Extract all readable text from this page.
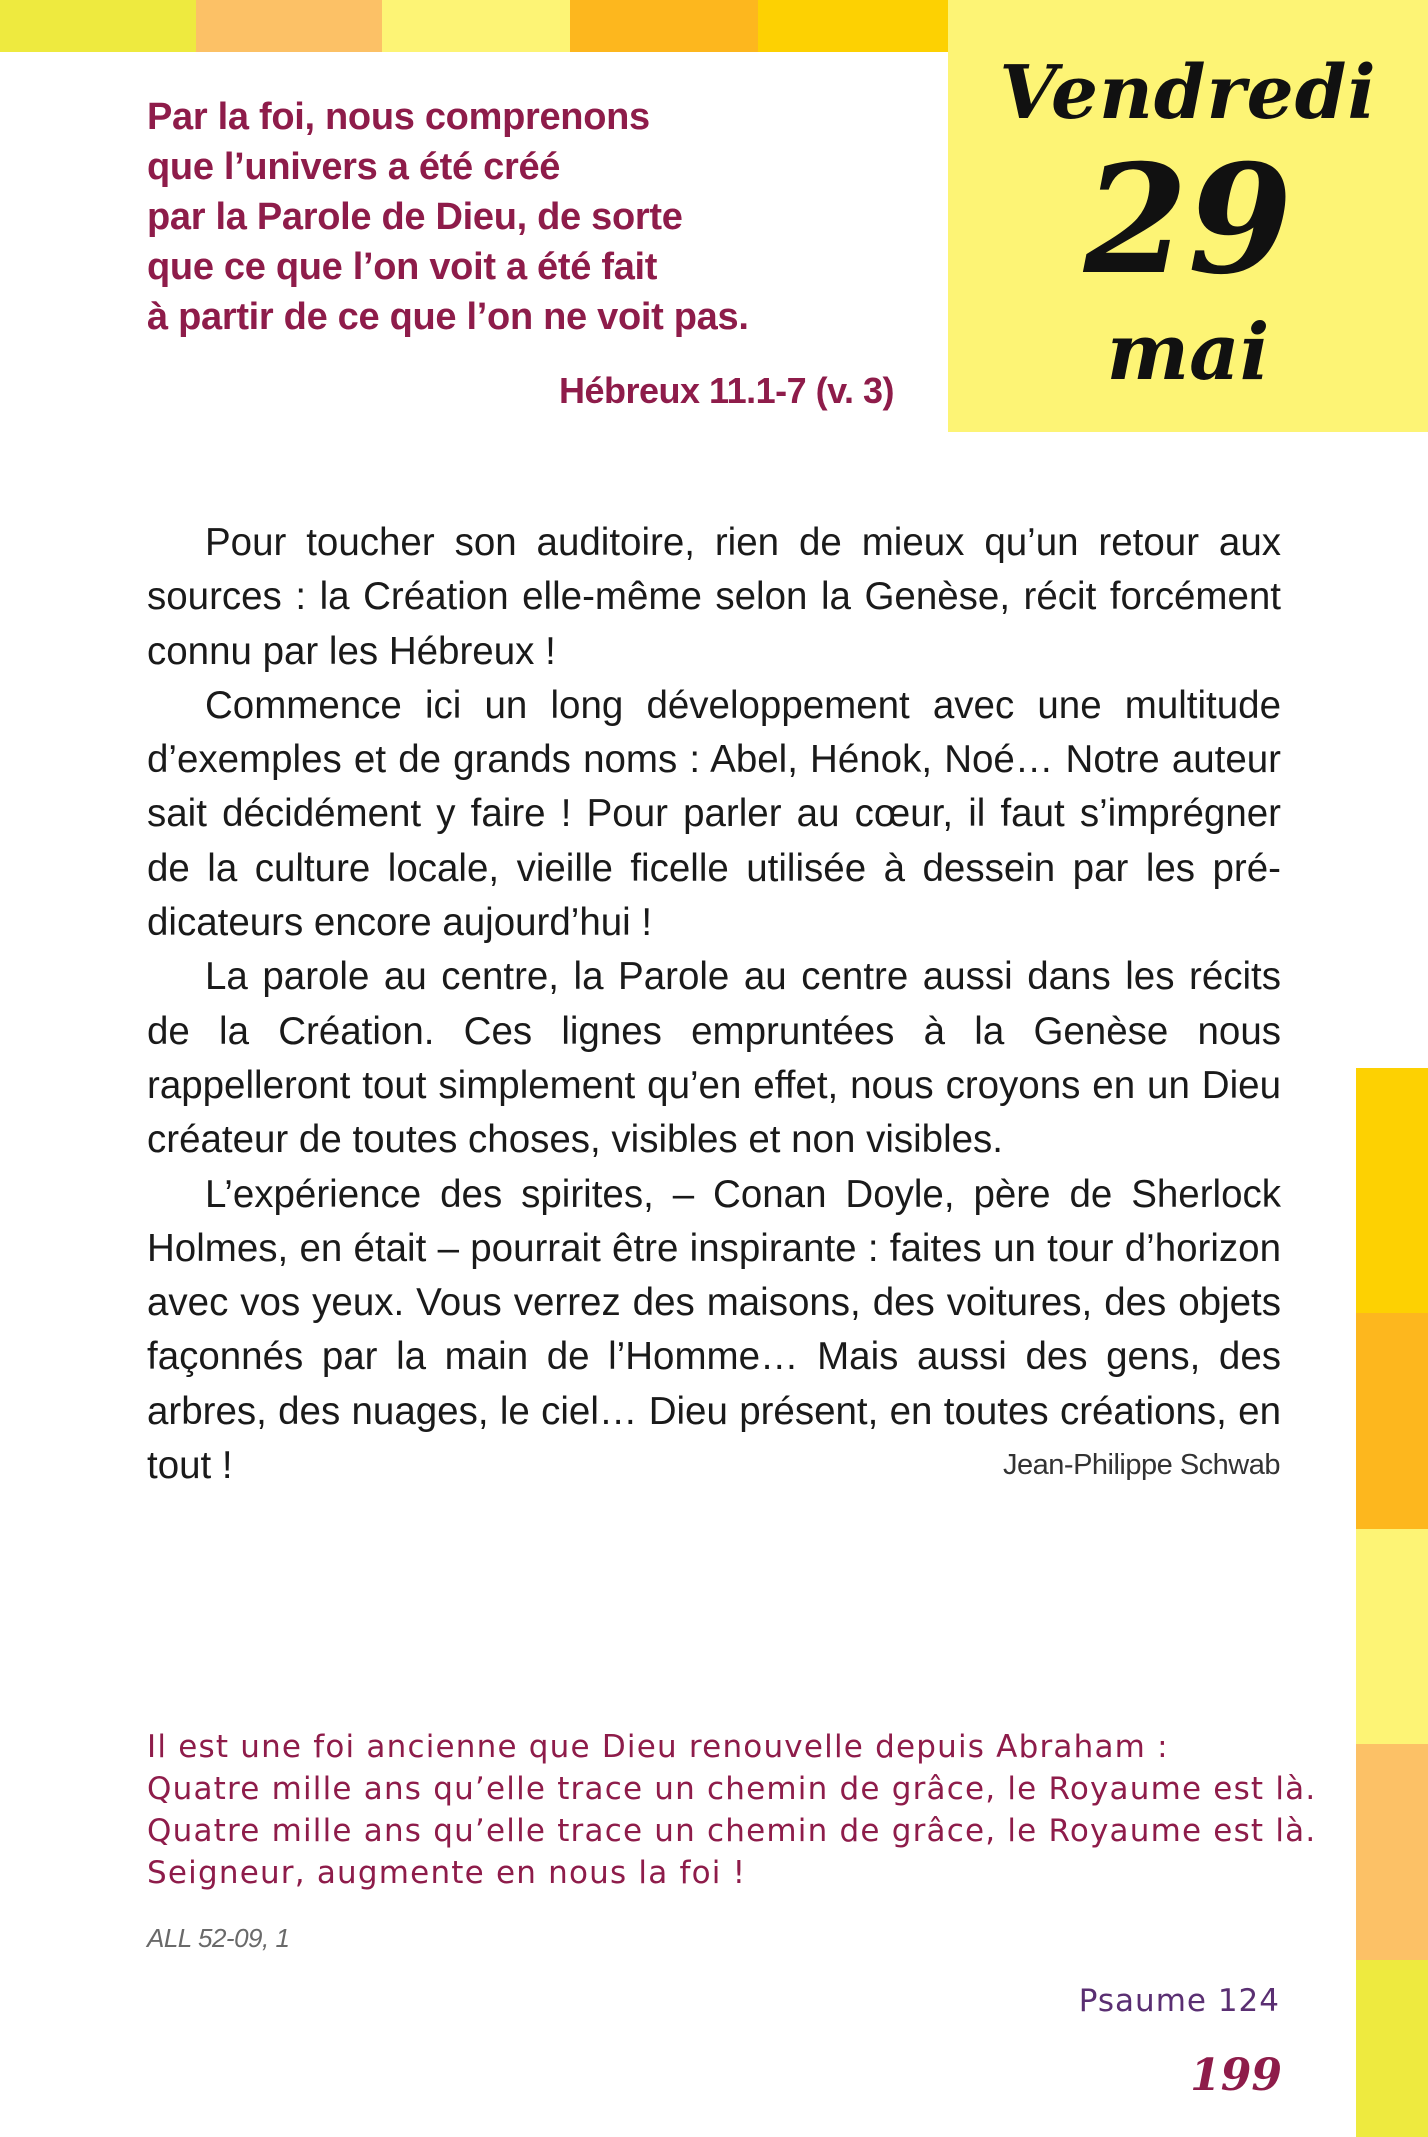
Vendredi
29
mai
Par la foi, nous comprenons
que l’univers a été créé
par la Parole de Dieu, de sorte
que ce que l’on voit a été fait
à partir de ce que l’on ne voit pas.
Hébreux 11.1-7 (v. 3)

Pour toucher son auditoire, rien de mieux qu’un retour aux sources : la Création elle-même selon la Genèse, récit forcément connu par les Hébreux !

Commence ici un long développement avec une multitude d’exemples et de grands noms : Abel, Hénok, Noé… Notre auteur sait décidément y faire ! Pour parler au cœur, il faut s’imprégner de la culture locale, vieille ficelle utilisée à dessein par les prédicateurs encore aujourd’hui !

La parole au centre, la Parole au centre aussi dans les récits de la Création. Ces lignes empruntées à la Genèse nous rappelleront tout simplement qu’en effet, nous croyons en un Dieu créateur de toutes choses, visibles et non visibles.

L’expérience des spirites, – Conan Doyle, père de Sherlock Holmes, en était – pourrait être inspirante : faites un tour d’horizon avec vos yeux. Vous verrez des maisons, des voitures, des objets façonnés par la main de l’Homme… Mais aussi des gens, des arbres, des nuages, le ciel… Dieu présent, en toutes créations, en tout !	Jean-Philippe Schwab
Il est une foi ancienne que Dieu renouvelle depuis Abraham :
Quatre mille ans qu’elle trace un chemin de grâce, le Royaume est là.
Quatre mille ans qu’elle trace un chemin de grâce, le Royaume est là.
Seigneur, augmente en nous la foi !
ALL 52-09, 1
Psaume 124
199
